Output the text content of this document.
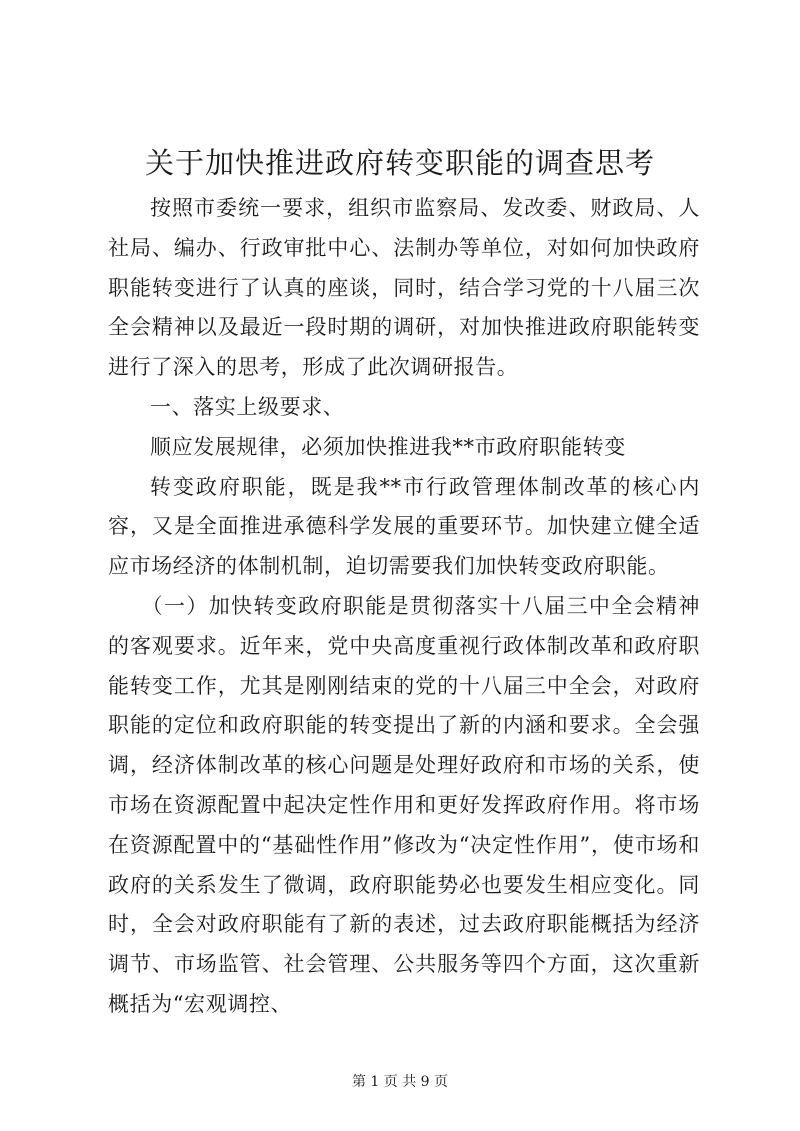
关于加快推进政府转变职能的调查思考

按照市委统一要求，组织市监察局、发改委、财政局、人社局、编办、行政审批中心、法制办等单位，对如何加快政府职能转变进行了认真的座谈，同时，结合学习党的十八届三次全会精神以及最近一段时期的调研，对加快推进政府职能转变进行了深入的思考，形成了此次调研报告。

一、落实上级要求、

顺应发展规律，必须加快推进我**市政府职能转变

转变政府职能，既是我**市行政管理体制改革的核心内容，又是全面推进承德科学发展的重要环节。加快建立健全适应市场经济的体制机制，迫切需要我们加快转变政府职能。

（一）加快转变政府职能是贯彻落实十八届三中全会精神的客观要求。近年来，党中央高度重视行政体制改革和政府职能转变工作，尤其是刚刚结束的党的十八届三中全会，对政府职能的定位和政府职能的转变提出了新的内涵和要求。全会强调，经济体制改革的核心问题是处理好政府和市场的关系，使市场在资源配置中起决定性作用和更好发挥政府作用。将市场在资源配置中的“基础性作用”修改为“决定性作用”，使市场和政府的关系发生了微调，政府职能势必也要发生相应变化。同时，全会对政府职能有了新的表述，过去政府职能概括为经济调节、市场监管、社会管理、公共服务等四个方面，这次重新概括为“宏观调控、

第 1 页 共 9 页
